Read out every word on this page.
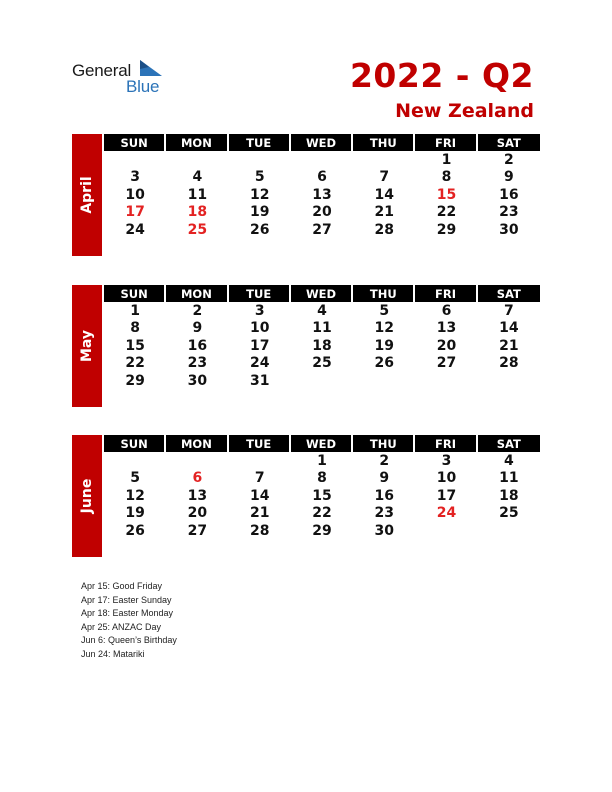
General
Blue	2022 - Q2
New Zealand
April
SUN	MON	TUE	WED	THU	FRI	SAT
					1	2
3	4	5	6	7	8	9
10	11	12	13	14	15	16
17	18	19	20	21	22	23
24	25	26	27	28	29	30
May
SUN	MON	TUE	WED	THU	FRI	SAT
1	2	3	4	5	6	7
8	9	10	11	12	13	14
15	16	17	18	19	20	21
22	23	24	25	26	27	28
29	30	31				
June
SUN	MON	TUE	WED	THU	FRI	SAT
			1	2	3	4
5	6	7	8	9	10	11
12	13	14	15	16	17	18
19	20	21	22	23	24	25
26	27	28	29	30		
Apr 15: Good Friday
Apr 17: Easter Sunday
Apr 18: Easter Monday
Apr 25: ANZAC Day
Jun 6: Queen’s Birthday
Jun 24: Matariki
